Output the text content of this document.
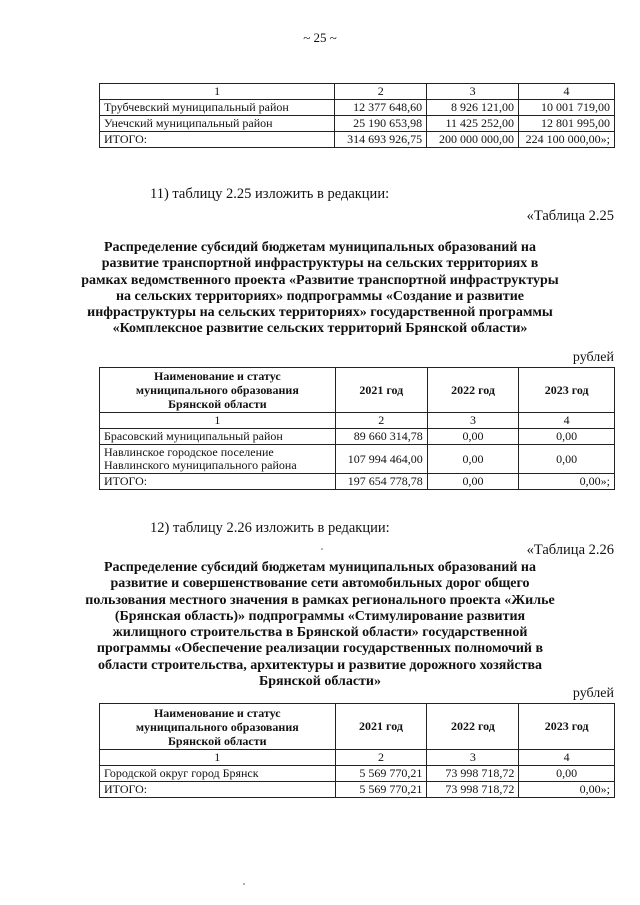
~ 25 ~
1	2	3	4
Трубчевский муниципальный район	12 377 648,60	8 926 121,00	10 001 719,00
Унечский муниципальный район	25 190 653,98	11 425 252,00	12 801 995,00
ИТОГО:	314 693 926,75	200 000 000,00	224 100 000,00»;
11) таблицу 2.25 изложить в редакции:
«Таблица 2.25
Распределение субсидий бюджетам муниципальных образований на
развитие транспортной инфраструктуры на сельских территориях в
рамках ведомственного проекта «Развитие транспортной инфраструктуры
на сельских территориях» подпрограммы «Создание и развитие
инфраструктуры на сельских территориях» государственной программы
«Комплексное развитие сельских территорий Брянской области»
рублей
Наименование и статус
муниципального образования
Брянской области	2021 год	2022 год	2023 год
1	2	3	4
Брасовский муниципальный район	89 660 314,78	0,00	0,00

Навлинское городское поселение
Навлинского муниципального района	107 994 464,00	0,00	0,00
ИТОГО:	197 654 778,78	0,00	0,00»;
12) таблицу 2.26 изложить в редакции:
«Таблица 2.26
Распределение субсидий бюджетам муниципальных образований на
развитие и совершенствование сети автомобильных дорог общего
пользования местного значения в рамках регионального проекта «Жилье
(Брянская область)» подпрограммы «Стимулирование развития
жилищного строительства в Брянской области» государственной
программы «Обеспечение реализации государственных полномочий в
области строительства, архитектуры и развитие дорожного хозяйства
Брянской области»
рублей
Наименование и статус
муниципального образования
Брянской области	2021 год	2022 год	2023 год
1	2	3	4
Городской округ город Брянск	5 569 770,21	73 998 718,72	0,00
ИТОГО:	5 569 770,21	73 998 718,72	0,00»;
